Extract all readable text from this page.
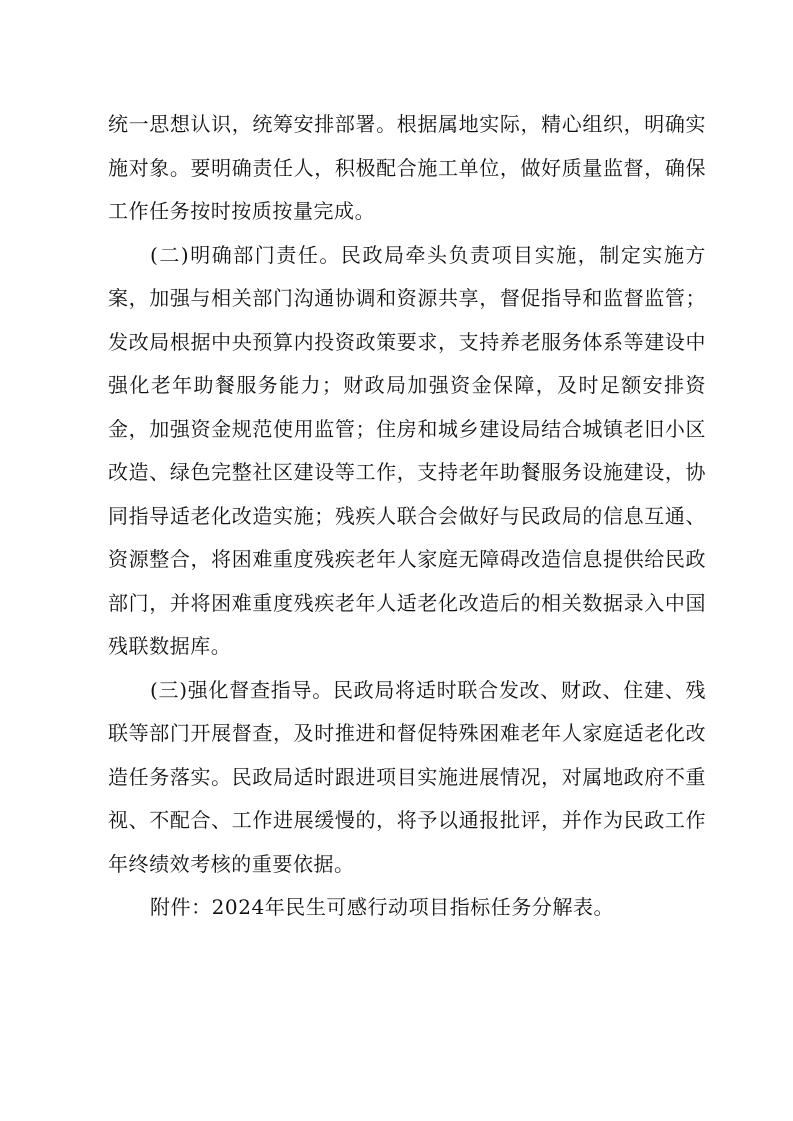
统一思想认识，统筹安排部署。根据属地实际，精心组织，明确实施对象。要明确责任人，积极配合施工单位，做好质量监督，确保工作任务按时按质按量完成。

(二)明确部门责任。民政局牵头负责项目实施，制定实施方案，加强与相关部门沟通协调和资源共享，督促指导和监督监管；发改局根据中央预算内投资政策要求，支持养老服务体系等建设中强化老年助餐服务能力；财政局加强资金保障，及时足额安排资金，加强资金规范使用监管；住房和城乡建设局结合城镇老旧小区改造、绿色完整社区建设等工作，支持老年助餐服务设施建设，协同指导适老化改造实施；残疾人联合会做好与民政局的信息互通、资源整合，将困难重度残疾老年人家庭无障碍改造信息提供给民政部门，并将困难重度残疾老年人适老化改造后的相关数据录入中国残联数据库。

(三)强化督查指导。民政局将适时联合发改、财政、住建、残联等部门开展督查，及时推进和督促特殊困难老年人家庭适老化改造任务落实。民政局适时跟进项目实施进展情况，对属地政府不重视、不配合、工作进展缓慢的，将予以通报批评，并作为民政工作年终绩效考核的重要依据。

附件：2024年民生可感行动项目指标任务分解表。
